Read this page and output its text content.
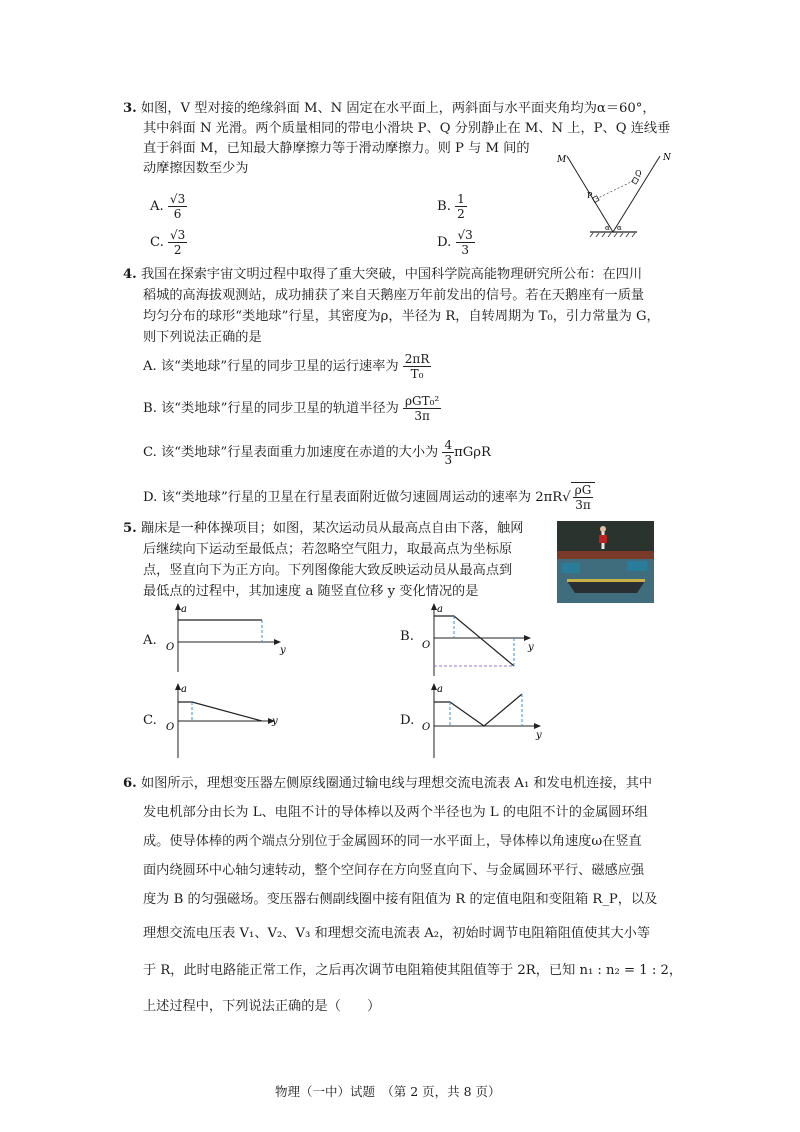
3. 如图，V 型对接的绝缘斜面 M、N 固定在水平面上，两斜面与水平面夹角均为α＝60°，
其中斜面 N 光滑。两个质量相同的带电小滑块 P、Q 分别静止在 M、N 上，P、Q 连线垂
直于斜面 M，已知最大静摩擦力等于滑动摩擦力。则 P 与 M 间的
动摩擦因数至少为
A. $\frac{√3}{6}$	B. $\frac{1}{2}$
C. $\frac{√3}{2}$	D. $\frac{√3}{3}$
M	N
P
Q
α α
4. 我国在探索宇宙文明过程中取得了重大突破，中国科学院高能物理研究所公布：在四川
稻城的高海拔观测站，成功捕获了来自天鹅座万年前发出的信号。若在天鹅座有一质量
均匀分布的球形“类地球”行星，其密度为ρ，半径为 R，自转周期为 T₀，引力常量为 G，
则下列说法正确的是
A. 该“类地球”行星的同步卫星的运行速率为 $\frac{2\pi R}{\text{T₀}}$
B. 该“类地球”行星的同步卫星的轨道半径为 $\frac{\text{ρGT₀²}}{3\pi}$
C. 该“类地球”行星表面重力加速度在赤道的大小为 $\frac{4}{3}$ πGρR
D. 该“类地球”行星的卫星在行星表面附近做匀速圆周运动的速率为 $2\pi R√ \frac{\rho G}{3\pi}$
5. 蹦床是一种体操项目；如图，某次运动员从最高点自由下落，触网
后继续向下运动至最低点；若忽略空气阻力，取最高点为坐标原
点，竖直向下为正方向。下列图像能大致反映运动员从最高点到
最低点的过程中，其加速度 a 随竖直位移 y 变化情况的是
A.
a
y
O
B.
a
y
O
C.
a
y
O	D.
a
y
O
6. 如图所示，理想变压器左侧原线圈通过输电线与理想交流电流表 A₁ 和发电机连接，其中
发电机部分由长为 L、电阻不计的导体棒以及两个半径也为 L 的电阻不计的金属圆环组
成。使导体棒的两个端点分别位于金属圆环的同一水平面上，导体棒以角速度ω在竖直
面内绕圆环中心轴匀速转动，整个空间存在方向竖直向下、与金属圆环平行、磁感应强
度为 B 的匀强磁场。变压器右侧副线圈中接有阻值为 R 的定值电阻和变阻箱 R_P，以及
理想交流电压表 V₁、V₂、V₃ 和理想交流电流表 A₂，初始时调节电阻箱阻值使其大小等
于 R，此时电路能正常工作，之后再次调节电阻箱使其阻值等于 2R，已知 n₁ : n₂ = 1 : 2，
上述过程中，下列说法正确的是（　　）
物理（一中）试题　（第 2 页，共 8 页）
